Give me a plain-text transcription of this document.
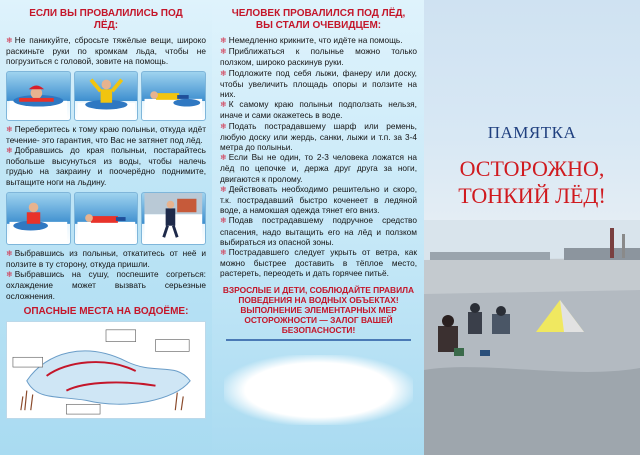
ЕСЛИ ВЫ ПРОВАЛИЛИСЬ ПОД ЛЁД:

❄ Не паникуйте, сбросьте тяжёлые вещи, широко раскиньте руки по кромкам льда, чтобы не погрузиться с головой, зовите на помощь.

❄ Переберитесь к тому краю полыньи, откуда идёт течение- это гарантия, что Вас не затянет под лёд.

❄ Добравшись до края полыньи, постарайтесь побольше высунуться из воды, чтобы налечь грудью на закраину и поочерёдно поднимите, вытащите ноги на льдину.

❄ Выбравшись из полыньи, откатитесь от неё и ползите в ту сторону, откуда пришли.

❄ Выбравшись на сушу, поспешите согреться: охлаждение может вызвать серьезные осложнения.

ОПАСНЫЕ МЕСТА НА ВОДОЁМЕ:
ЧЕЛОВЕК ПРОВАЛИЛСЯ ПОД ЛЁД, ВЫ СТАЛИ ОЧЕВИДЦЕМ:

❄ Немедленно крикните, что идёте на помощь.

❄ Приближаться к полынье можно только ползком, широко раскинув руки.

❄ Подложите под себя лыжи, фанеру или доску, чтобы увеличить площадь опоры и ползите на них.

❄ К самому краю полыньи подползать нельзя, иначе и сами окажетесь в воде.

❄ Подать пострадавшему шарф или ремень, любую доску или жердь, санки, лыжи и т.п. за 3-4 метра до полыньи.

❄ Если Вы не один, то 2-3 человека ложатся на лёд по цепочке и, держа друг друга за ноги, двигаются к пролому.

❄ Действовать необходимо решительно и скоро, т.к. пострадавший быстро коченеет в ледяной воде, а намокшая одежда тянет его вниз.

❄ Подав пострадавшему подручное средство спасения, надо вытащить его на лёд и ползком выбираться из опасной зоны.

❄ Пострадавшего следует укрыть от ветра, как можно быстрее доставить в тёплое место, растереть, переодеть и дать горячее питьё.

ВЗРОСЛЫЕ И ДЕТИ, СОБЛЮДАЙТЕ ПРАВИЛА ПОВЕДЕНИЯ НА ВОДНЫХ ОБЪЕКТАХ! ВЫПОЛНЕНИЕ ЭЛЕМЕНТАРНЫХ МЕР ОСТОРОЖНОСТИ — ЗАЛОГ ВАШЕЙ БЕЗОПАСНОСТИ!
ПАМЯТКА
ОСТОРОЖНО,
ТОНКИЙ ЛЁД!
